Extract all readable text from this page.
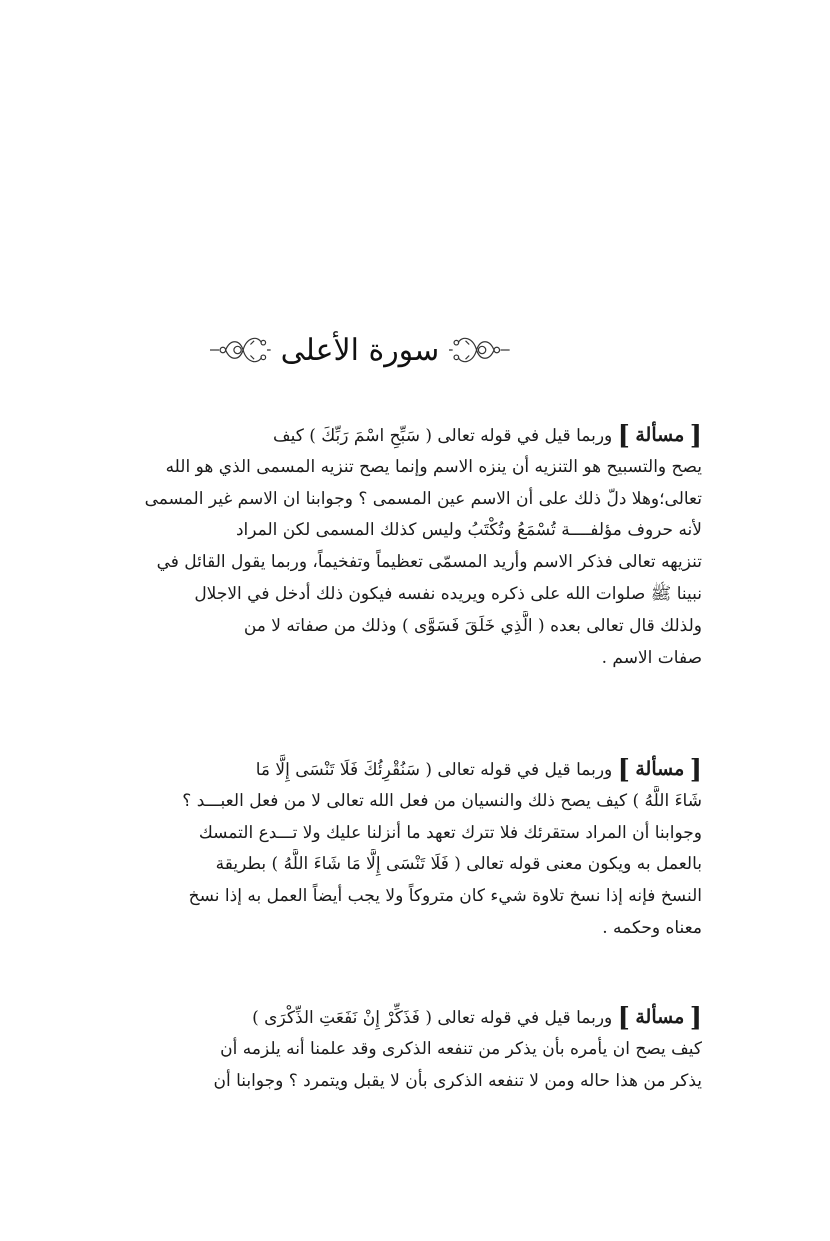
سورة الأعلى
[ مسألة ] وربما قيل في قوله تعالى ( سَبِّحِ اسْمَ رَبِّكَ ) كيف
يصح والتسبيح هو التنزيه أن ينزه الاسم وإنما يصح تنزيه المسمى الذي هو الله
تعالى؛وهلا دلّ ذلك على أن الاسم عين المسمى ؟ وجوابنا ان الاسم غير المسمى
لأنه حروف مؤلفــــة تُسْمَعُ وتُكْتَبُ وليس كذلك المسمى لكن المراد
تنزيهه تعالى فذكر الاسم وأريد المسمّى تعظيماً وتفخيماً، وربما يقول القائل في
نبينا ﷺ صلوات الله على ذكره ويريده نفسه فيكون ذلك أدخل في الاجلال
ولذلك قال تعالى بعده ( الَّذِي خَلَقَ فَسَوَّى ) وذلك من صفاته لا من
صفات الاسم .
[ مسألة ] وربما قيل في قوله تعالى ( سَنُقْرِئُكَ فَلَا تَنْسَى إِلَّا مَا
شَاءَ اللَّهُ ) كيف يصح ذلك والنسيان من فعل الله تعالى لا من فعل العبـــد ؟
وجوابنا أن المراد ستقرئك فلا تترك تعهد ما أنزلنا عليك ولا تـــدع التمسك
بالعمل به ويكون معنى قوله تعالى ( فَلَا تَنْسَى إِلَّا مَا شَاءَ اللَّهُ ) بطريقة
النسخ فإنه إذا نسخ تلاوة شيء كان متروكاً ولا يجب أيضاً العمل به إذا نسخ
معناه وحكمه .
[ مسألة ] وربما قيل في قوله تعالى ( فَذَكِّرْ إِنْ نَفَعَتِ الذِّكْرَى )
كيف يصح ان يأمره بأن يذكر من تنفعه الذكرى وقد علمنا أنه يلزمه أن
يذكر من هذا حاله ومن لا تنفعه الذكرى بأن لا يقبل ويتمرد ؟ وجوابنا أن
